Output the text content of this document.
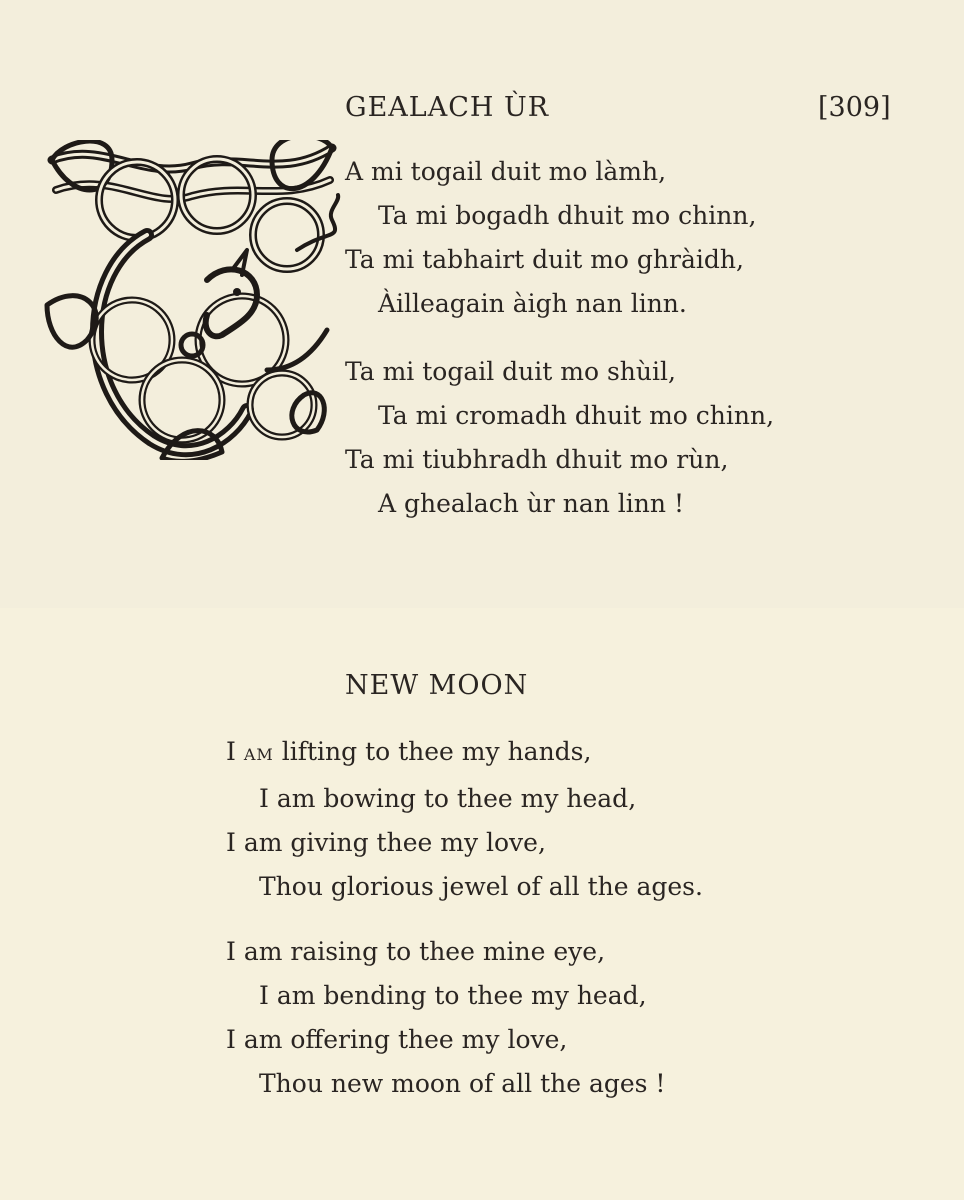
GEALACH ÙR	[309]
A mi togail duit mo làmh,
Ta mi bogadh dhuit mo chinn,
Ta mi tabhairt duit mo ghràidh,
Àilleagain àigh nan linn.
Ta mi togail duit mo shùil,
Ta mi cromadh dhuit mo chinn,
Ta mi tiubhradh dhuit mo rùn,
A ghealach ùr nan linn !
NEW MOON
I AM lifting to thee my hands,
I am bowing to thee my head,
I am giving thee my love,
Thou glorious jewel of all the ages.
I am raising to thee mine eye,
I am bending to thee my head,
I am offering thee my love,
Thou new moon of all the ages !
